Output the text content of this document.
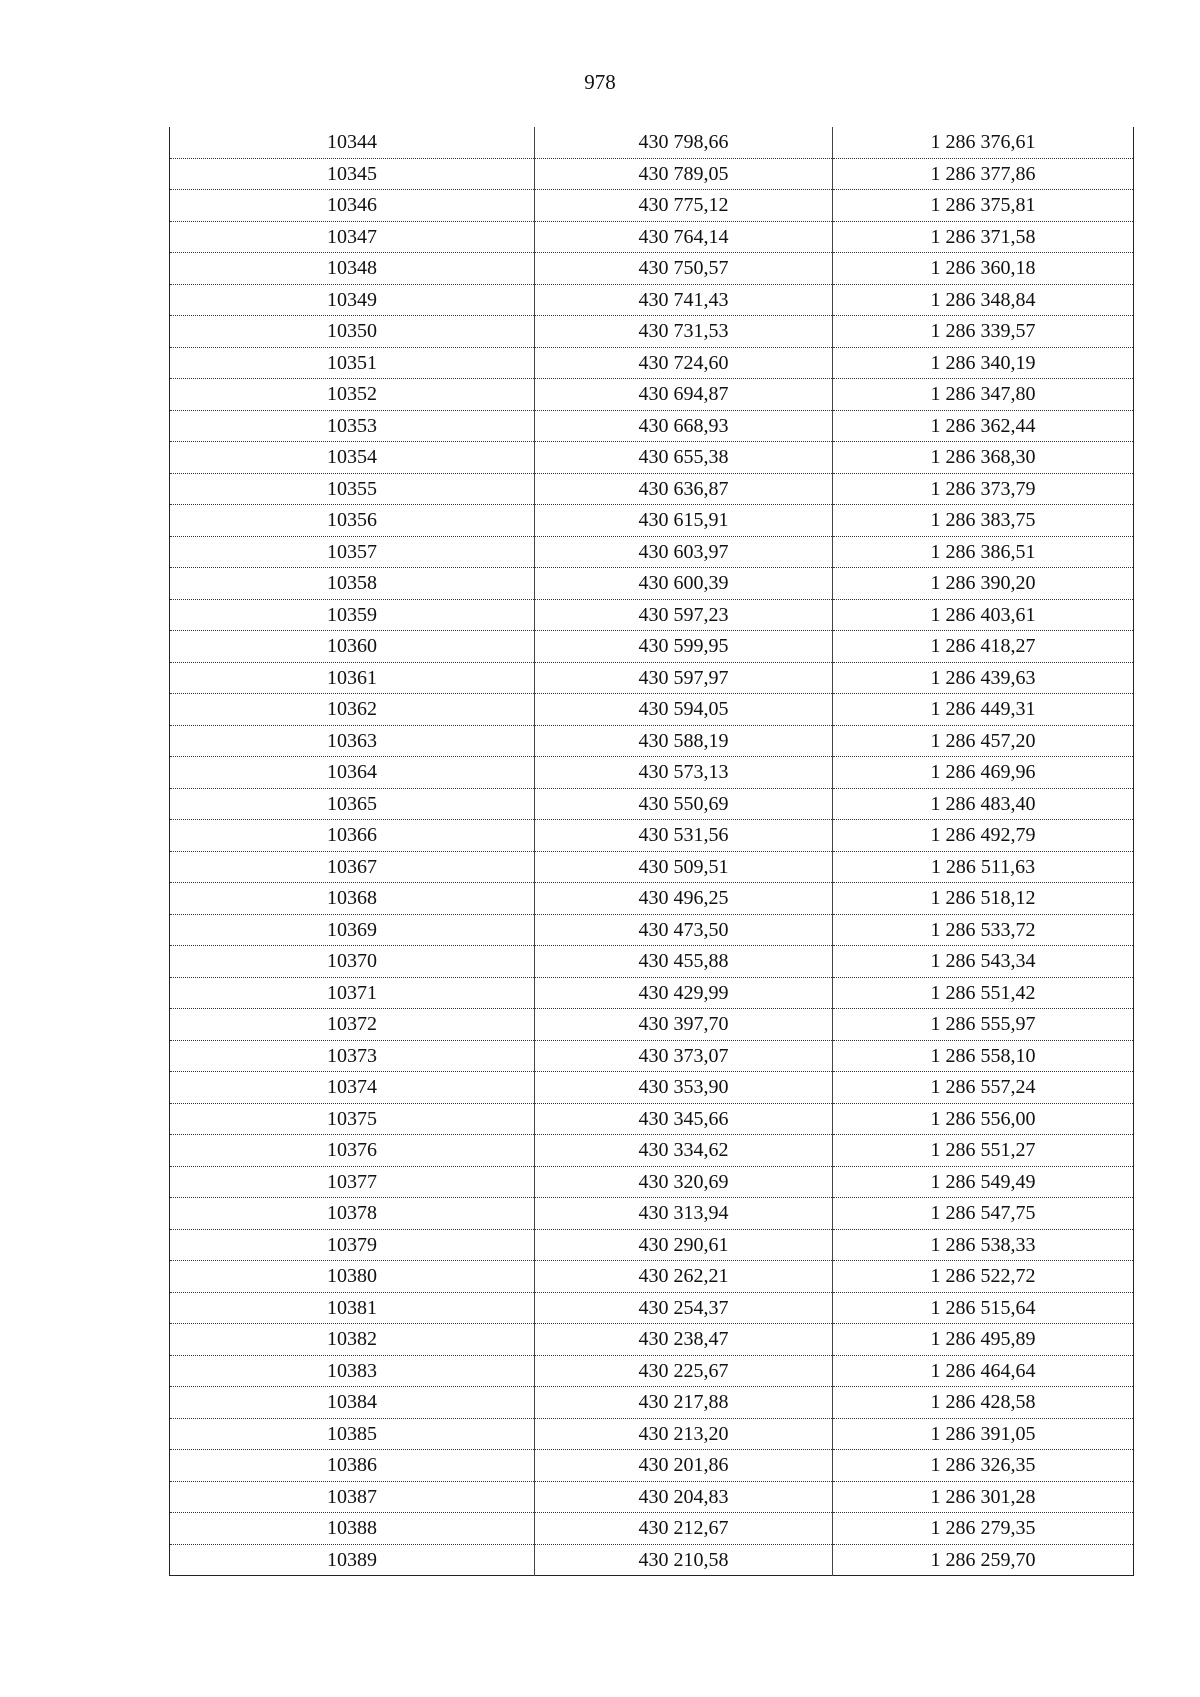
978
10344	430 798,66	1 286 376,61
10345	430 789,05	1 286 377,86
10346	430 775,12	1 286 375,81
10347	430 764,14	1 286 371,58
10348	430 750,57	1 286 360,18
10349	430 741,43	1 286 348,84
10350	430 731,53	1 286 339,57
10351	430 724,60	1 286 340,19
10352	430 694,87	1 286 347,80
10353	430 668,93	1 286 362,44
10354	430 655,38	1 286 368,30
10355	430 636,87	1 286 373,79
10356	430 615,91	1 286 383,75
10357	430 603,97	1 286 386,51
10358	430 600,39	1 286 390,20
10359	430 597,23	1 286 403,61
10360	430 599,95	1 286 418,27
10361	430 597,97	1 286 439,63
10362	430 594,05	1 286 449,31
10363	430 588,19	1 286 457,20
10364	430 573,13	1 286 469,96
10365	430 550,69	1 286 483,40
10366	430 531,56	1 286 492,79
10367	430 509,51	1 286 511,63
10368	430 496,25	1 286 518,12
10369	430 473,50	1 286 533,72
10370	430 455,88	1 286 543,34
10371	430 429,99	1 286 551,42
10372	430 397,70	1 286 555,97
10373	430 373,07	1 286 558,10
10374	430 353,90	1 286 557,24
10375	430 345,66	1 286 556,00
10376	430 334,62	1 286 551,27
10377	430 320,69	1 286 549,49
10378	430 313,94	1 286 547,75
10379	430 290,61	1 286 538,33
10380	430 262,21	1 286 522,72
10381	430 254,37	1 286 515,64
10382	430 238,47	1 286 495,89
10383	430 225,67	1 286 464,64
10384	430 217,88	1 286 428,58
10385	430 213,20	1 286 391,05
10386	430 201,86	1 286 326,35
10387	430 204,83	1 286 301,28
10388	430 212,67	1 286 279,35
10389	430 210,58	1 286 259,70
